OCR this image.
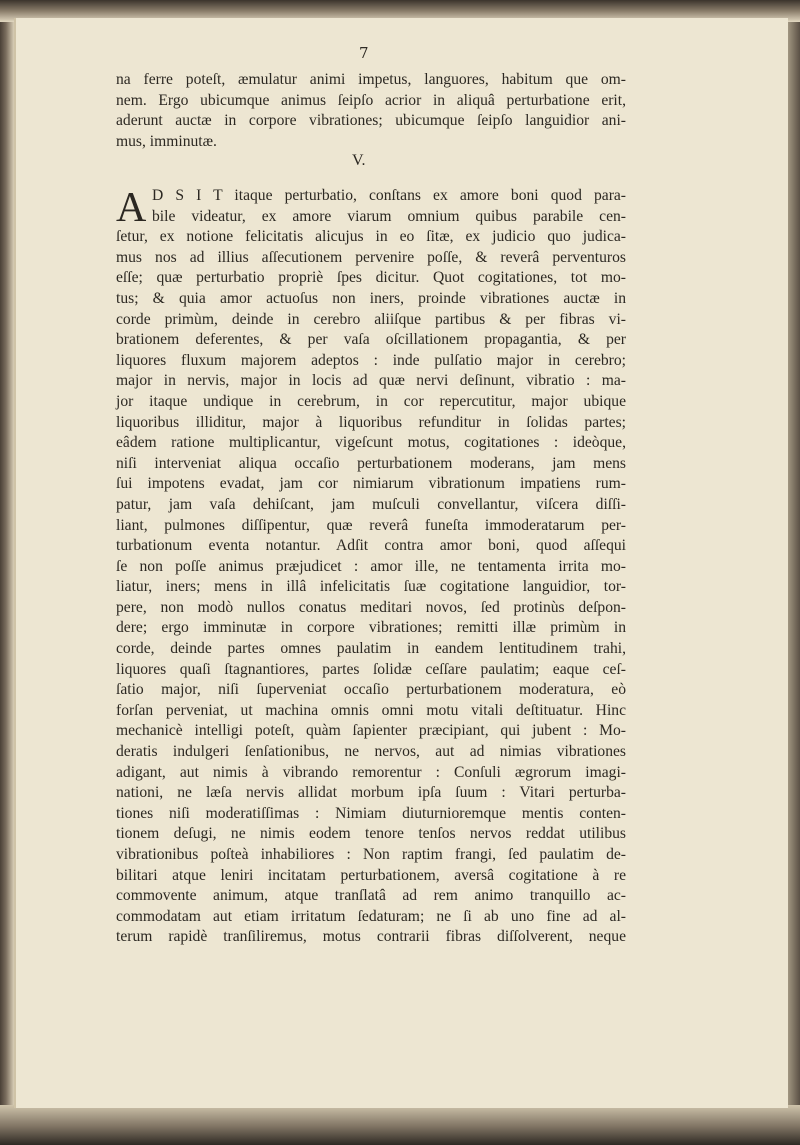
7
na ferre poteſt, æmulatur animi impetus, languores, habitum que om-
nem. Ergo ubicumque animus ſeipſo acrior in aliquâ perturbatione erit,
aderunt auctæ in corpore vibrationes; ubicumque ſeipſo languidior ani-
mus, imminutæ.
V.
A D S I T itaque perturbatio, conſtans ex amore boni quod para-
bile videatur, ex amore viarum omnium quibus parabile cen-
ſetur, ex notione felicitatis alicujus in eo ſitæ, ex judicio quo judica-
mus nos ad illius aſſecutionem pervenire poſſe, & reverâ perventuros
eſſe; quæ perturbatio propriè ſpes dicitur. Quot cogitationes, tot mo-
tus; & quia amor actuoſus non iners, proinde vibrationes auctæ in
corde primùm, deinde in cerebro aliiſque partibus & per fibras vi-
brationem deferentes, & per vaſa oſcillationem propagantia, & per
liquores fluxum majorem adeptos : inde pulſatio major in cerebro;
major in nervis, major in locis ad quæ nervi deſinunt, vibratio : ma-
jor itaque undique in cerebrum, in cor repercutitur, major ubique
liquoribus illiditur, major à liquoribus refunditur in ſolidas partes;
eâdem ratione multiplicantur, vigeſcunt motus, cogitationes : ideòque,
niſi interveniat aliqua occaſio perturbationem moderans, jam mens
ſui impotens evadat, jam cor nimiarum vibrationum impatiens rum-
patur, jam vaſa dehiſcant, jam muſculi convellantur, viſcera diſſi-
liant, pulmones diſſipentur, quæ reverâ funeſta immoderatarum per-
turbationum eventa notantur. Adſit contra amor boni, quod aſſequi
ſe non poſſe animus præjudicet : amor ille, ne tentamenta irrita mo-
liatur, iners; mens in illâ infelicitatis ſuæ cogitatione languidior, tor-
pere, non modò nullos conatus meditari novos, ſed protinùs deſpon-
dere; ergo imminutæ in corpore vibrationes; remitti illæ primùm in
corde, deinde partes omnes paulatim in eandem lentitudinem trahi,
liquores quaſi ſtagnantiores, partes ſolidæ ceſſare paulatim; eaque ceſ-
ſatio major, niſi ſuperveniat occaſio perturbationem moderatura, eò
forſan perveniat, ut machina omnis omni motu vitali deſtituatur. Hinc
mechanicè intelligi poteſt, quàm ſapienter præcipiant, qui jubent : Mo-
deratis indulgeri ſenſationibus, ne nervos, aut ad nimias vibrationes
adigant, aut nimis à vibrando remorentur : Conſuli ægrorum imagi-
nationi, ne læſa nervis allidat morbum ipſa ſuum : Vitari perturba-
tiones niſi moderatiſſimas : Nimiam diuturnioremque mentis conten-
tionem deſugi, ne nimis eodem tenore tenſos nervos reddat utilibus
vibrationibus poſteà inhabiliores : Non raptim frangi, ſed paulatim de-
bilitari atque leniri incitatam perturbationem, aversâ cogitatione à re
commovente animum, atque tranſlatâ ad rem animo tranquillo ac-
commodatam aut etiam irritatum ſedaturam; ne ſi ab uno fine ad al-
terum rapidè tranſiliremus, motus contrarii fibras diſſolverent, neque
